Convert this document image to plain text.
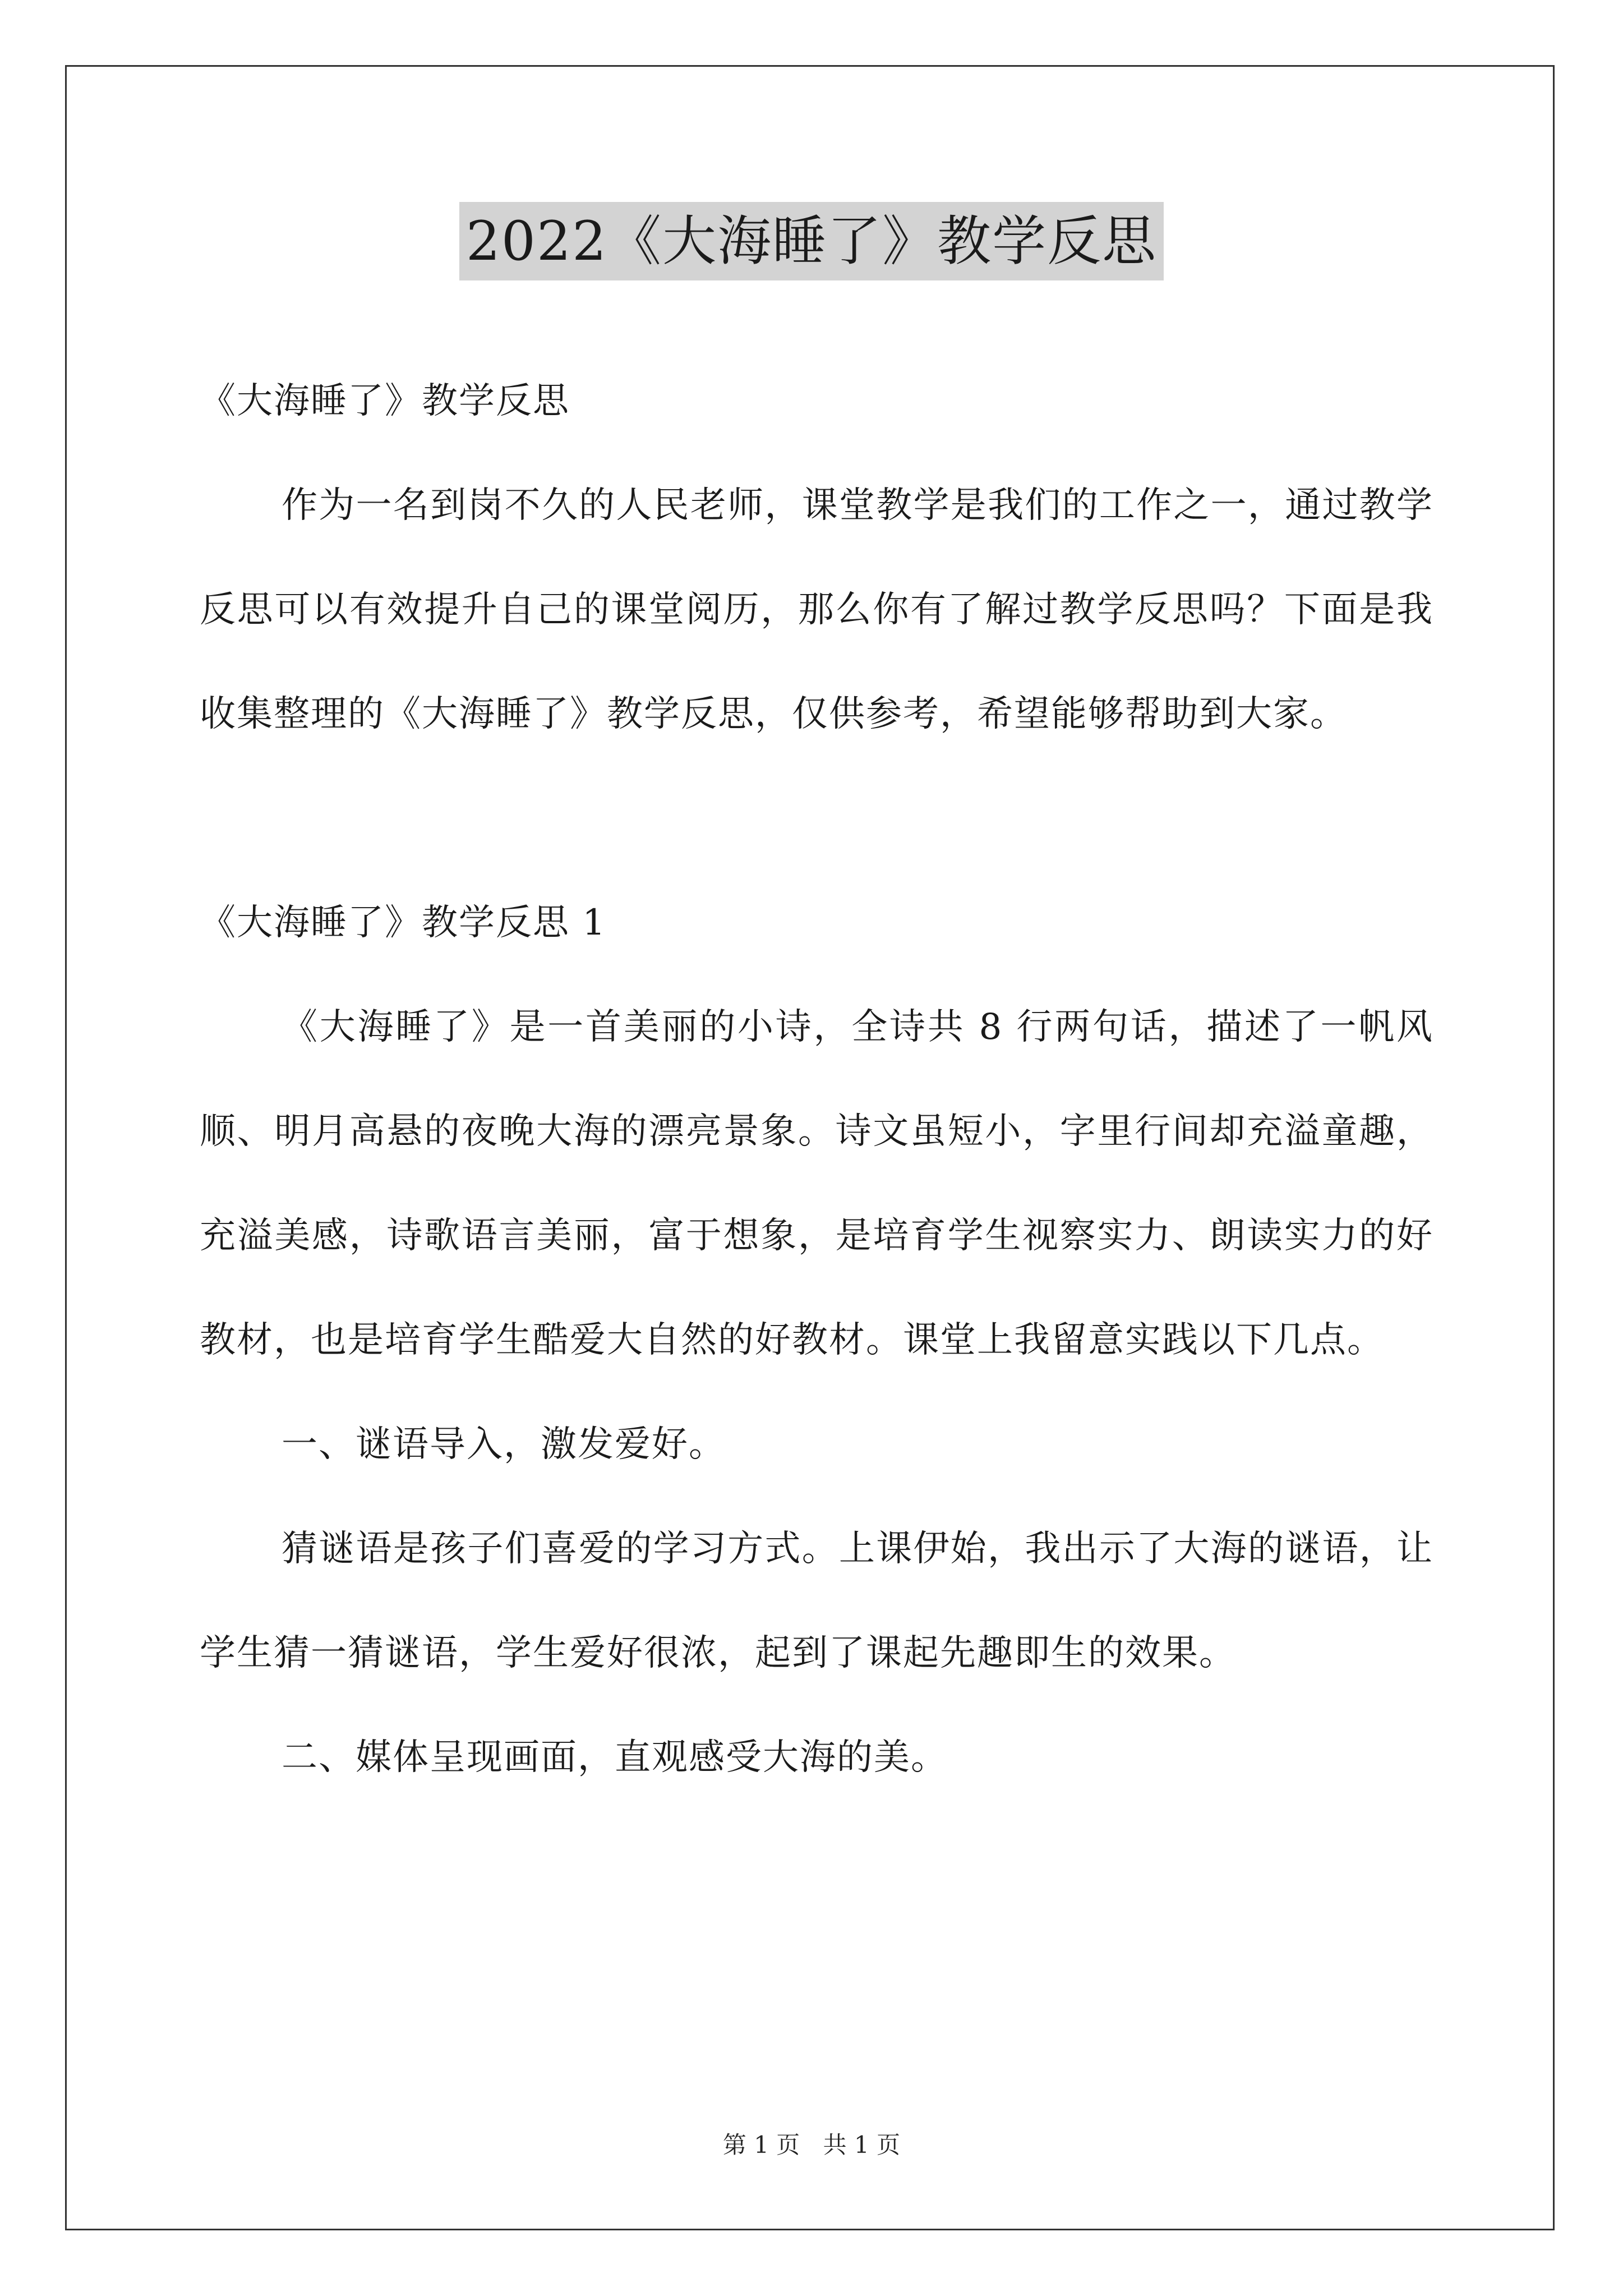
2022《大海睡了》教学反思

《大海睡了》教学反思

作为一名到岗不久的人民老师，课堂教学是我们的工作之一，通过教学反思可以有效提升自己的课堂阅历，那么你有了解过教学反思吗？下面是我收集整理的《大海睡了》教学反思，仅供参考，希望能够帮助到大家。

《大海睡了》教学反思 1

《大海睡了》是一首美丽的小诗，全诗共 8 行两句话，描述了一帆风顺、明月高悬的夜晚大海的漂亮景象。诗文虽短小，字里行间却充溢童趣，充溢美感，诗歌语言美丽，富于想象，是培育学生视察实力、朗读实力的好教材，也是培育学生酷爱大自然的好教材。课堂上我留意实践以下几点。

一、谜语导入，激发爱好。

猜谜语是孩子们喜爱的学习方式。上课伊始，我出示了大海的谜语，让学生猜一猜谜语，学生爱好很浓，起到了课起先趣即生的效果。

二、媒体呈现画面，直观感受大海的美。

第 1 页 共 1 页
